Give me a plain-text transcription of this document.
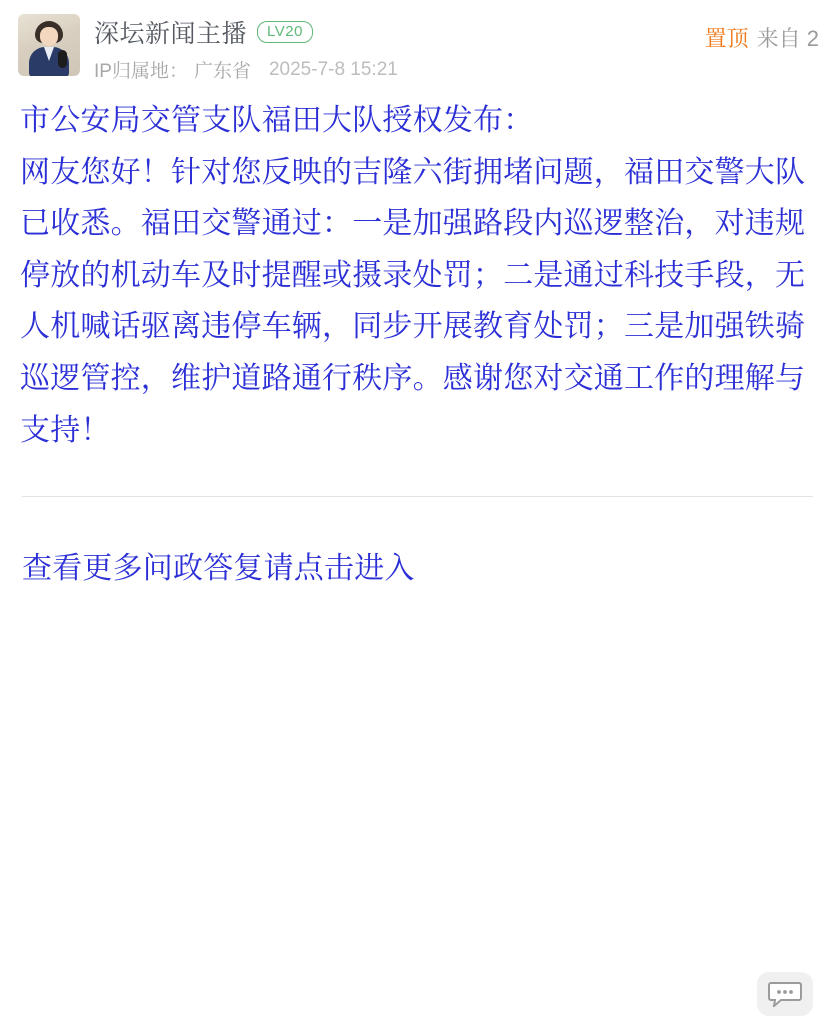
深坛新闻主播	LV20
IP归属地： 广东省 2025-7-8 15:21
置顶 来自 2

市公安局交管支队福田大队授权发布：

网友您好！针对您反映的吉隆六街拥堵问题，福田交警大队已收悉。福田交警通过：一是加强路段内巡逻整治，对违规停放的机动车及时提醒或摄录处罚；二是通过科技手段，无人机喊话驱离违停车辆，同步开展教育处罚；三是加强铁骑巡逻管控，维护道路通行秩序。感谢您对交通工作的理解与支持！

查看更多问政答复请点击进入
